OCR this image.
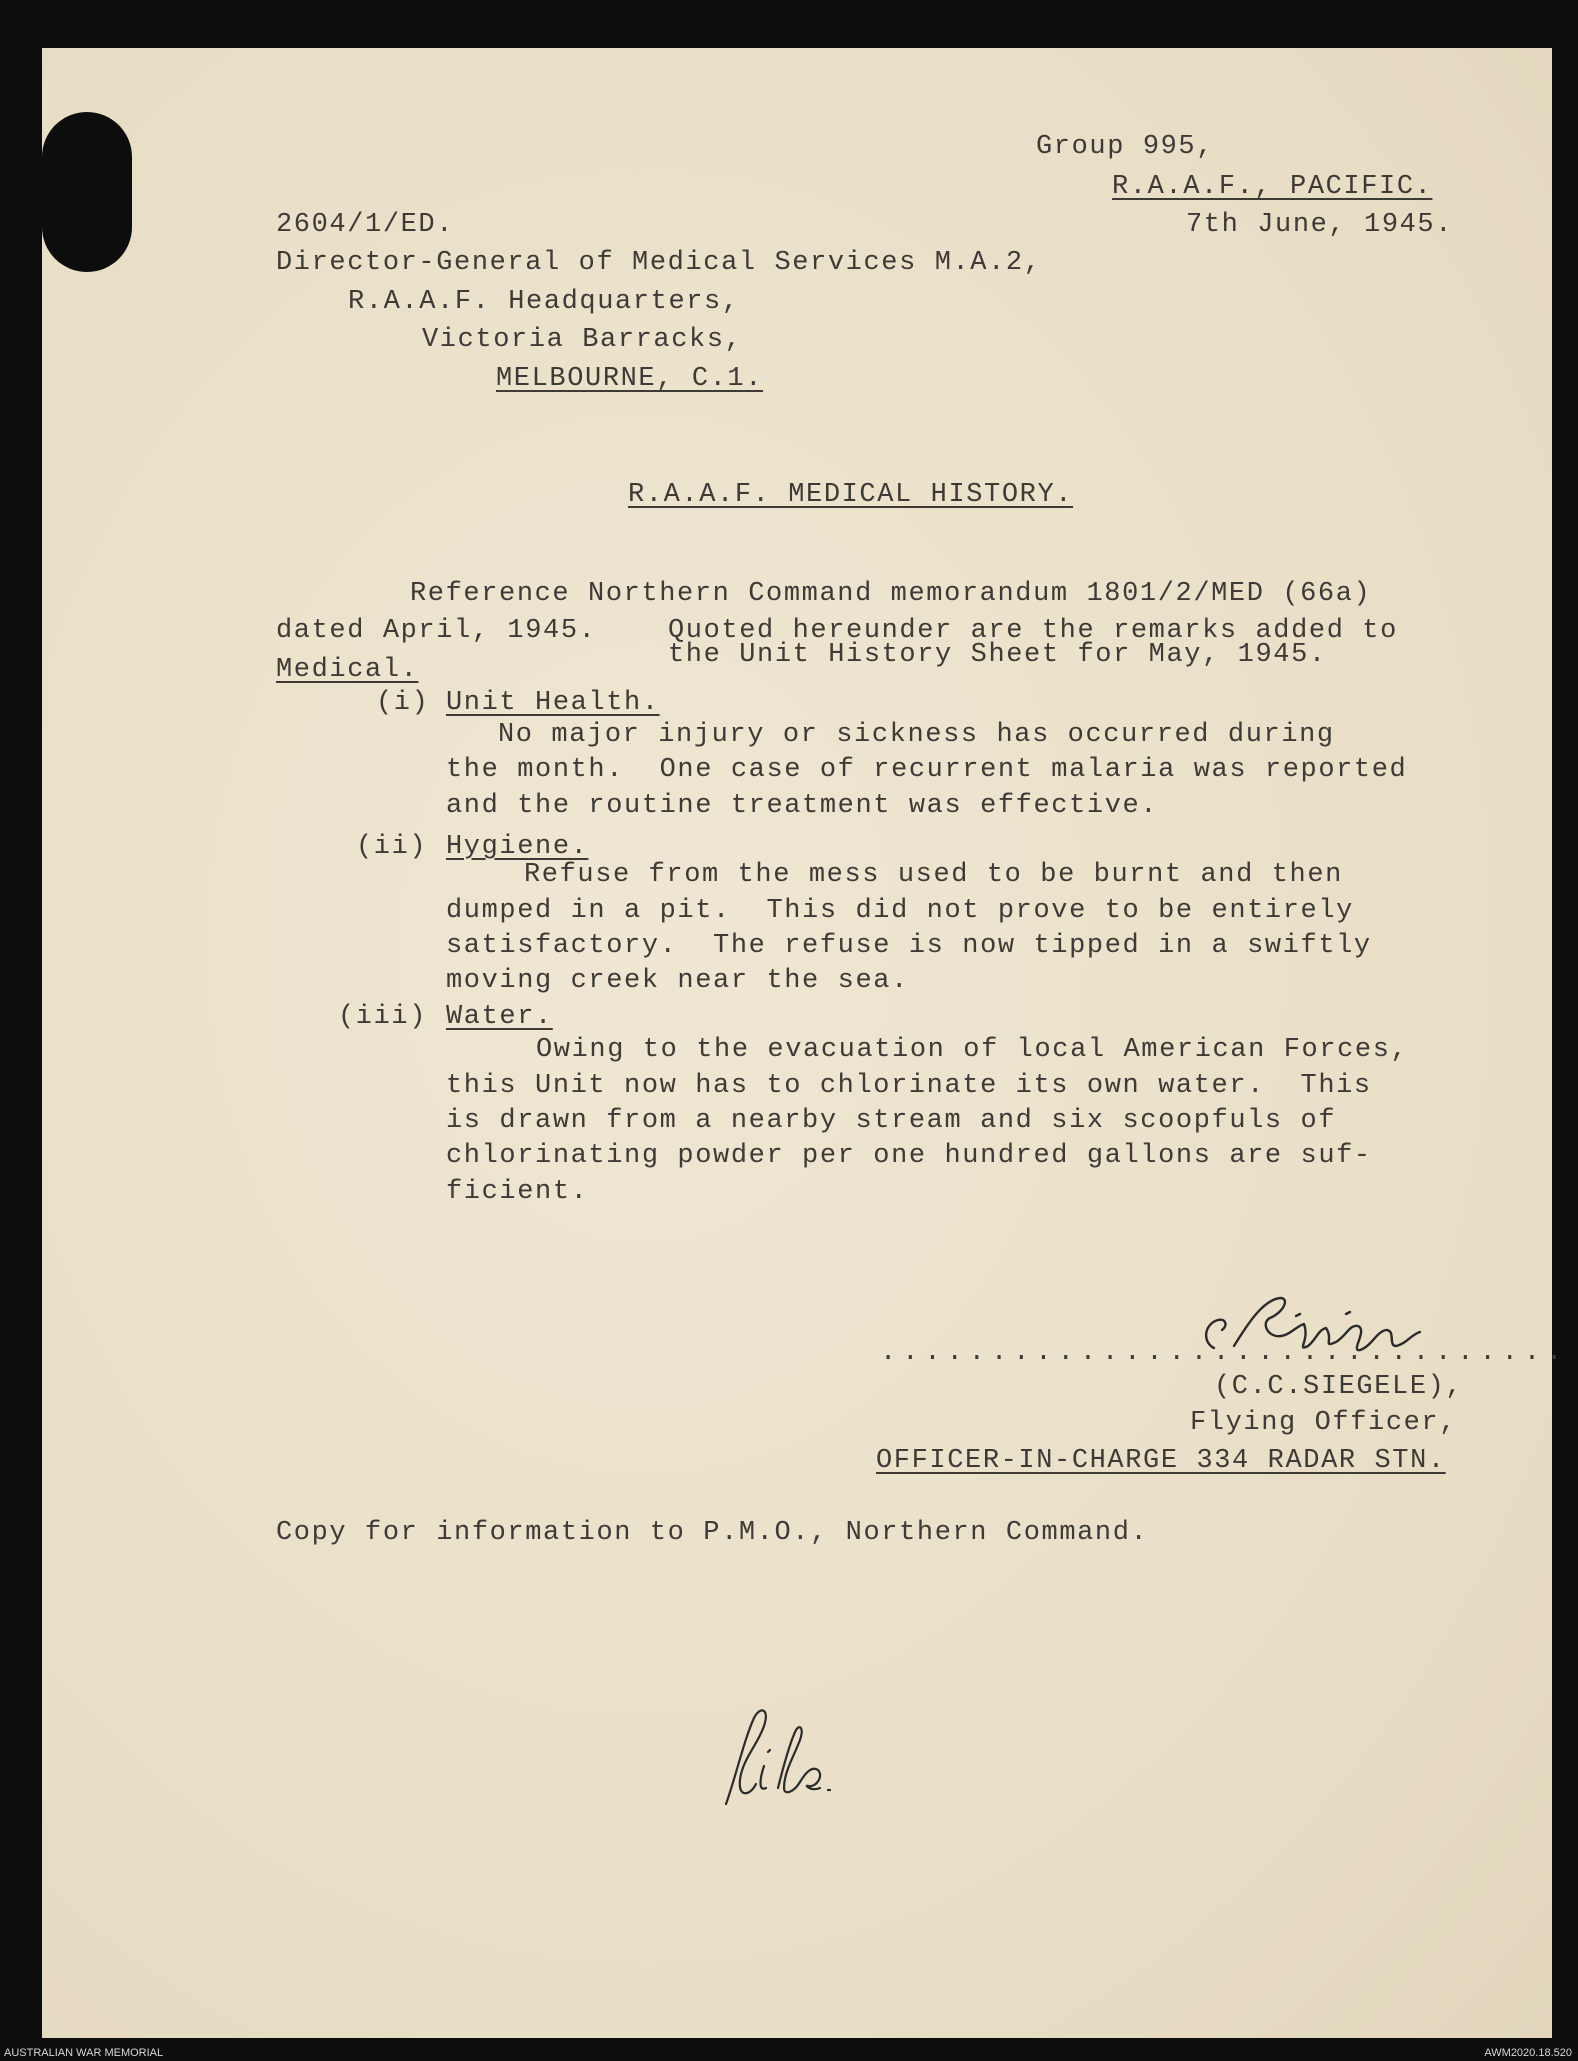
Group 995,
R.A.A.F., PACIFIC.
7th June, 1945.
2604/1/ED.
Director-General of Medical Services M.A.2,
R.A.A.F. Headquarters,
Victoria Barracks,
MELBOURNE, C.1.
R.A.A.F. MEDICAL HISTORY.
Reference Northern Command memorandum 1801/2/MED (66a)
dated April, 1945.	Quoted hereunder are the remarks added to
Medical.	the Unit History Sheet for May, 1945.
(i) Unit Health.
No major injury or sickness has occurred during
the month.  One case of recurrent malaria was reported
and the routine treatment was effective.
(ii) Hygiene.
Refuse from the mess used to be burnt and then
dumped in a pit.  This did not prove to be entirely
satisfactory.  The refuse is now tipped in a swiftly
moving creek near the sea.
(iii) Water.
Owing to the evacuation of local American Forces,
this Unit now has to chlorinate its own water.  This
is drawn from a nearby stream and six scoopfuls of
chlorinating powder per one hundred gallons are suf-
ficient.
...............................
(C.C.SIEGELE),
Flying Officer,
OFFICER-IN-CHARGE 334 RADAR STN.
Copy for information to P.M.O., Northern Command.
AUSTRALIAN WAR MEMORIAL	AWM2020.18.520
